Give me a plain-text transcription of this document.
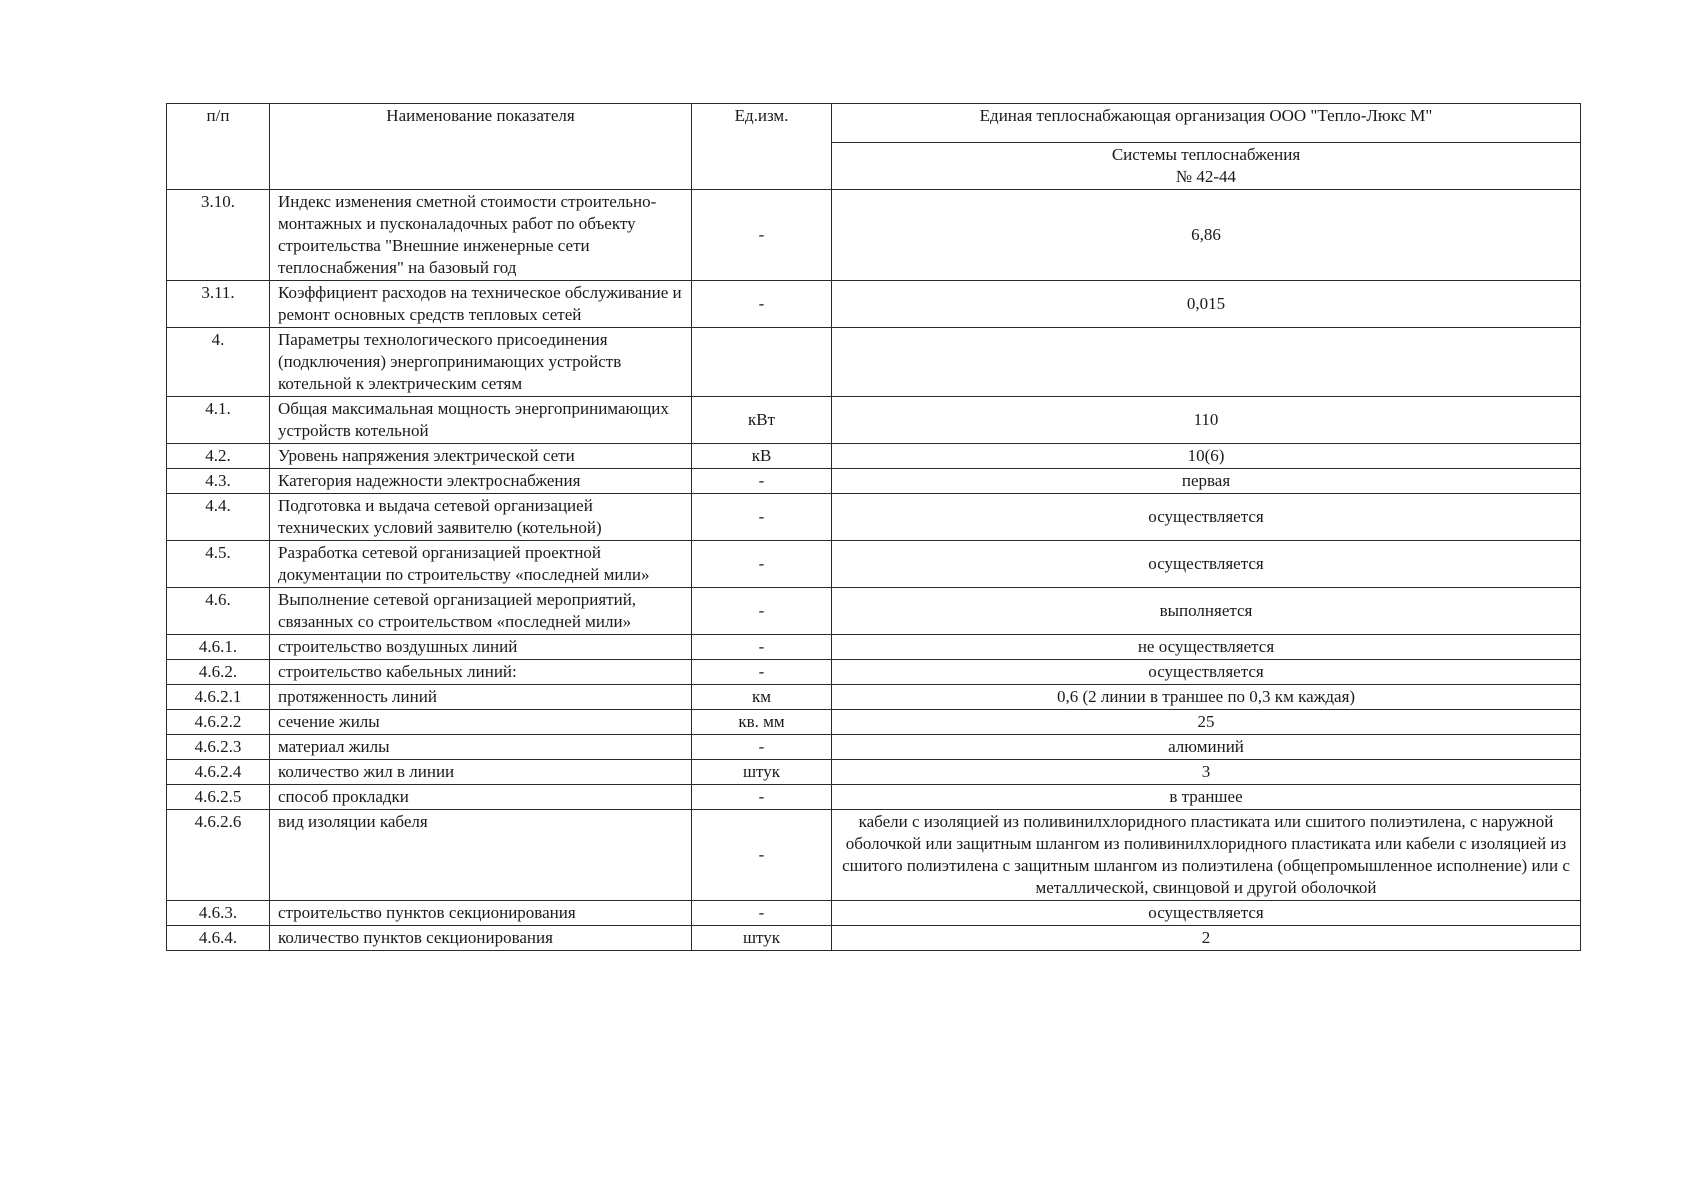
п/п	Наименование показателя	Ед.изм.	Единая теплоснабжающая организация ООО "Тепло-Люкс М"

			Системы теплоснабжения
№ 42-44

3.10.	Индекс изменения сметной стоимости строительно-монтажных и пусконаладочных работ по объекту строительства "Внешние инженерные сети теплоснабжения" на базовый год	-	6,86
3.11.	Коэффициент расходов на техническое обслуживание и ремонт основных средств тепловых сетей	-	0,015
4.	Параметры технологического присоединения (подключения) энергопринимающих устройств котельной к электрическим сетям		
4.1.	Общая максимальная мощность энергопринимающих устройств котельной	кВт	110
4.2.	Уровень напряжения электрической сети	кВ	10(6)
4.3.	Категория надежности электроснабжения	-	первая
4.4.	Подготовка и выдача сетевой организацией технических условий заявителю (котельной)	-	осуществляется
4.5.	Разработка сетевой организацией проектной документации по строительству «последней мили»	-	осуществляется
4.6.	Выполнение сетевой организацией мероприятий, связанных со строительством «последней мили»	-	выполняется
4.6.1.	строительство воздушных линий	-	не осуществляется
4.6.2.	строительство кабельных линий:	-	осуществляется
4.6.2.1	протяженность линий	км	0,6 (2 линии в траншее по 0,3 км каждая)
4.6.2.2	сечение жилы	кв. мм	25
4.6.2.3	материал жилы	-	алюминий
4.6.2.4	количество жил в линии	штук	3
4.6.2.5	способ прокладки	-	в траншее
4.6.2.6	вид изоляции кабеля	-	кабели с изоляцией из поливинилхлоридного пластиката или сшитого полиэтилена, с наружной оболочкой или защитным шлангом из поливинилхлоридного пластиката или кабели с изоляцией из сшитого полиэтилена с защитным шлангом из полиэтилена (общепромышленное исполнение) или с металлической, свинцовой и другой оболочкой
4.6.3.	строительство пунктов секционирования	-	осуществляется
4.6.4.	количество пунктов секционирования	штук	2
